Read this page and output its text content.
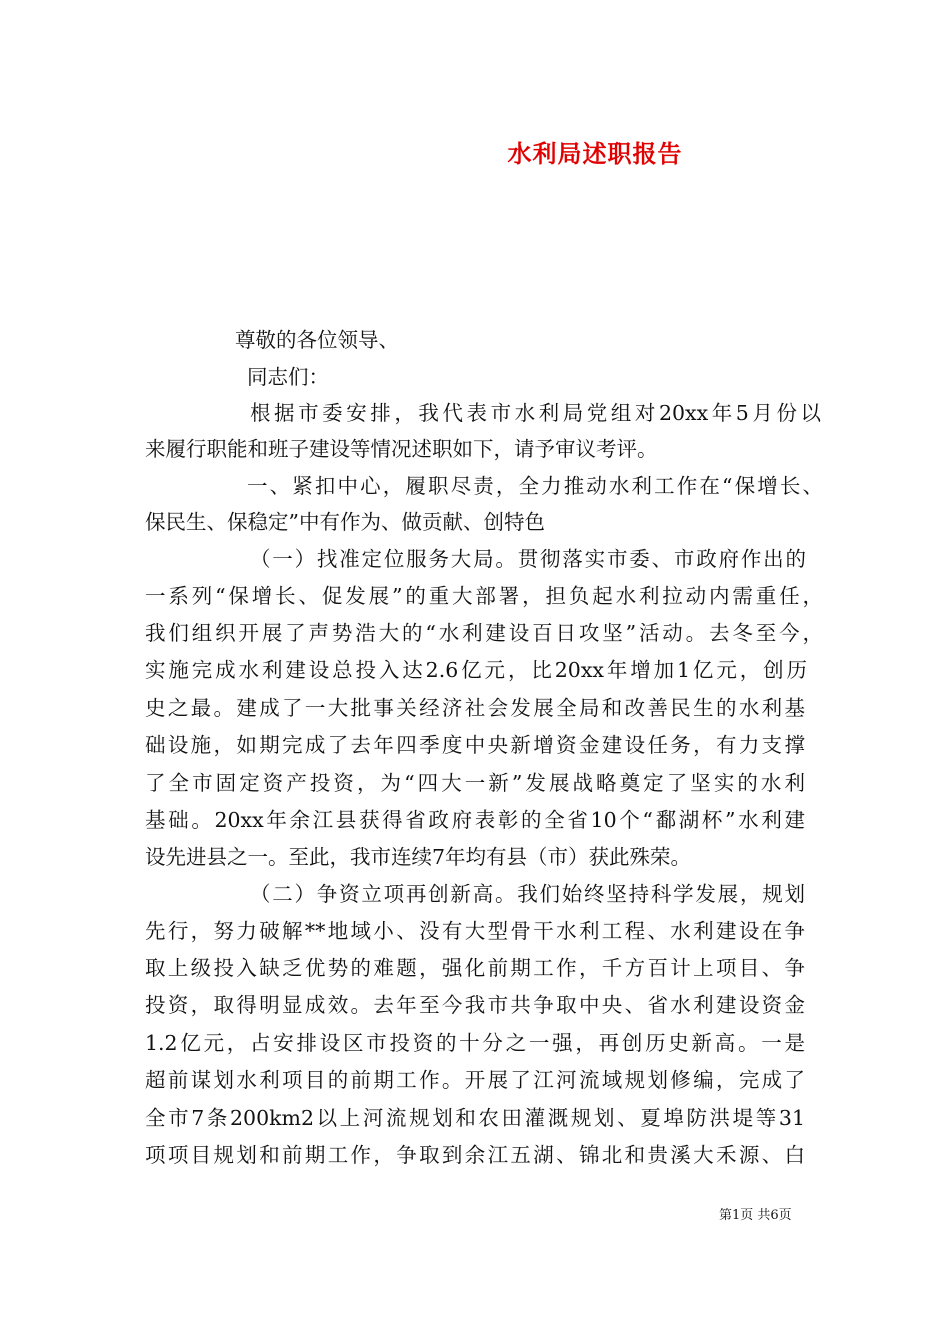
水利局述职报告
尊敬的各位领导、
同志们：
根据市委安排，我代表市水利局党组对20xx年5月份以
来履行职能和班子建设等情况述职如下，请予审议考评。
一、紧扣中心，履职尽责，全力推动水利工作在“保增长、
保民生、保稳定”中有作为、做贡献、创特色
（一）找准定位服务大局。贯彻落实市委、市政府作出的
一系列“保增长、促发展”的重大部署，担负起水利拉动内需重任，
我们组织开展了声势浩大的“水利建设百日攻坚”活动。去冬至今，
实施完成水利建设总投入达2.6亿元，比20xx年增加1亿元，创历
史之最。建成了一大批事关经济社会发展全局和改善民生的水利基
础设施，如期完成了去年四季度中央新增资金建设任务，有力支撑
了全市固定资产投资，为“四大一新”发展战略奠定了坚实的水利
基础。20xx年余江县获得省政府表彰的全省10个“鄱湖杯”水利建
设先进县之一。至此，我市连续7年均有县（市）获此殊荣。
（二）争资立项再创新高。我们始终坚持科学发展，规划
先行，努力破解**地域小、没有大型骨干水利工程、水利建设在争
取上级投入缺乏优势的难题，强化前期工作，千方百计上项目、争
投资，取得明显成效。去年至今我市共争取中央、省水利建设资金
1.2亿元，占安排设区市投资的十分之一强，再创历史新高。一是
超前谋划水利项目的前期工作。开展了江河流域规划修编，完成了
全市7条200km2以上河流规划和农田灌溉规划、夏埠防洪堤等31
项项目规划和前期工作，争取到余江五湖、锦北和贵溪大禾源、白
第1页 共6页
